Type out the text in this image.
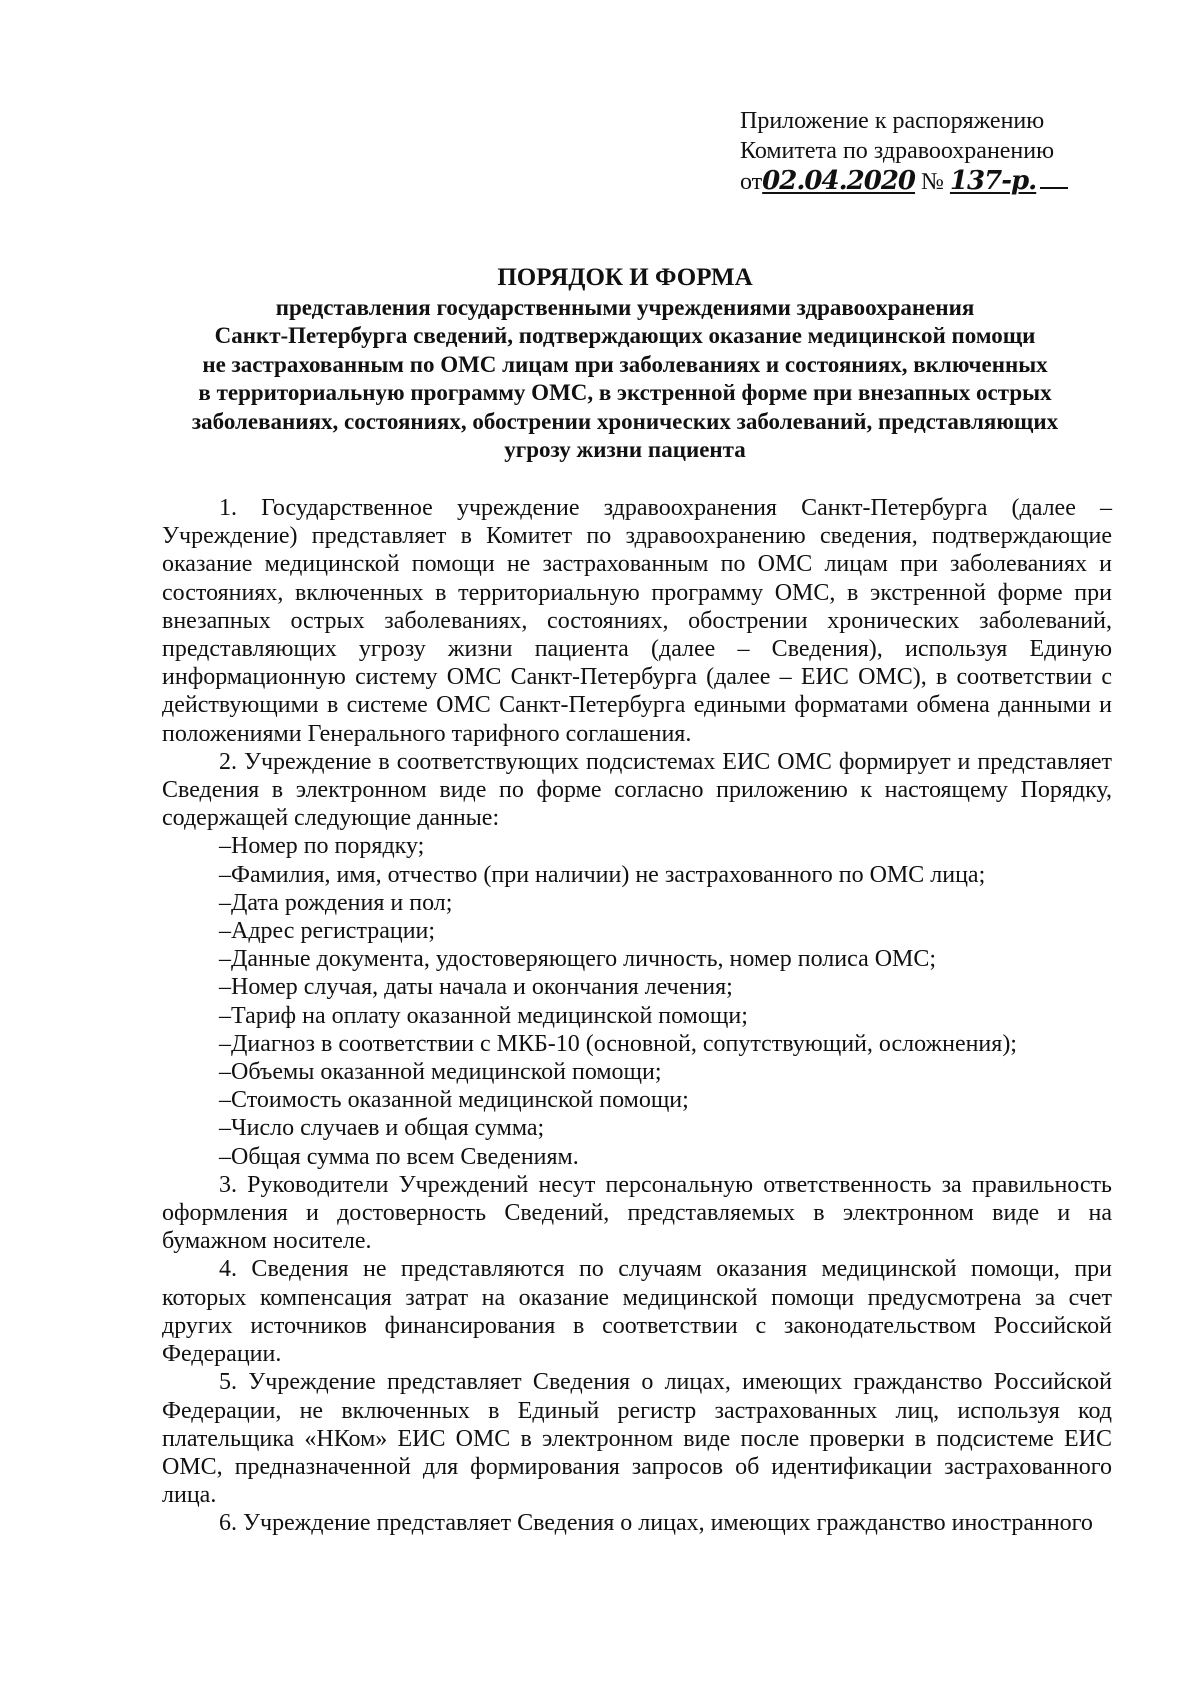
Приложение к распоряжению
Комитета по здравоохранению
от02.04.2020 № 137-р.
ПОРЯДОК И ФОРМА
представления государственными учреждениями здравоохранения
Санкт-Петербурга сведений, подтверждающих оказание медицинской помощи
не застрахованным по ОМС лицам при заболеваниях и состояниях, включенных
в территориальную программу ОМС, в экстренной форме при внезапных острых
заболеваниях, состояниях, обострении хронических заболеваний, представляющих
угрозу жизни пациента

1. Государственное учреждение здравоохранения Санкт-Петербурга (далее – Учреждение) представляет в Комитет по здравоохранению сведения, подтверждающие оказание медицинской помощи не застрахованным по ОМС лицам при заболеваниях и состояниях, включенных в территориальную программу ОМС, в экстренной форме при внезапных острых заболеваниях, состояниях, обострении хронических заболеваний, представляющих угрозу жизни пациента (далее – Сведения), используя Единую информационную систему ОМС Санкт-Петербурга (далее – ЕИС ОМС), в соответствии с действующими в системе ОМС Санкт-Петербурга едиными форматами обмена данными и положениями Генерального тарифного соглашения.

2. Учреждение в соответствующих подсистемах ЕИС ОМС формирует и представляет Сведения в электронном виде по форме согласно приложению к настоящему Порядку, содержащей следующие данные:

–Номер по порядку;
–Фамилия, имя, отчество (при наличии) не застрахованного по ОМС лица;
–Дата рождения и пол;
–Адрес регистрации;
–Данные документа, удостоверяющего личность, номер полиса ОМС;
–Номер случая, даты начала и окончания лечения;
–Тариф на оплату оказанной медицинской помощи;
–Диагноз в соответствии с МКБ-10 (основной, сопутствующий, осложнения);
–Объемы оказанной медицинской помощи;
–Стоимость оказанной медицинской помощи;
–Число случаев и общая сумма;
–Общая сумма по всем Сведениям.

3. Руководители Учреждений несут персональную ответственность за правильность оформления и достоверность Сведений, представляемых в электронном виде и на бумажном носителе.

4. Сведения не представляются по случаям оказания медицинской помощи, при которых компенсация затрат на оказание медицинской помощи предусмотрена за счет других источников финансирования в соответствии с законодательством Российской Федерации.

5. Учреждение представляет Сведения о лицах, имеющих гражданство Российской Федерации, не включенных в Единый регистр застрахованных лиц, используя код плательщика «НКом» ЕИС ОМС в электронном виде после проверки в подсистеме ЕИС ОМС, предназначенной для формирования запросов об идентификации застрахованного лица.

6. Учреждение представляет Сведения о лицах, имеющих гражданство иностранного
